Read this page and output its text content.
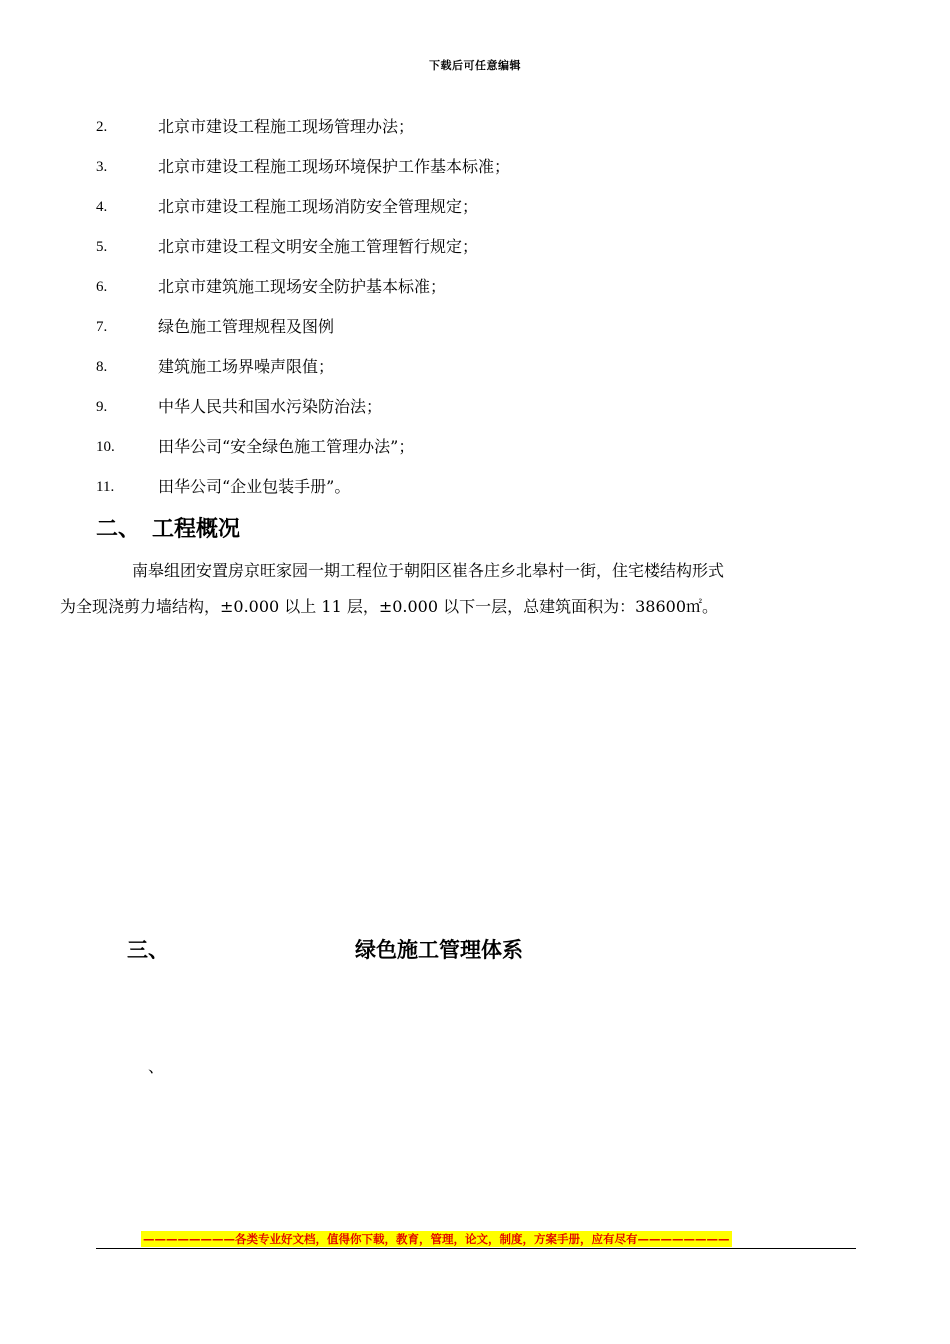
下载后可任意编辑
2.	北京市建设工程施工现场管理办法；
3.	北京市建设工程施工现场环境保护工作基本标准；
4.	北京市建设工程施工现场消防安全管理规定；
5.	北京市建设工程文明安全施工管理暂行规定；
6.	北京市建筑施工现场安全防护基本标准；
7.	绿色施工管理规程及图例
8.	建筑施工场界噪声限值；
9.	中华人民共和国水污染防治法；
10.	田华公司“安全绿色施工管理办法”；
11.	田华公司“企业包装手册”。
二、 工程概况

南皋组团安置房京旺家园一期工程位于朝阳区崔各庄乡北皋村一街，住宅楼结构形式
为全现浇剪力墙结构，±0.000 以上 11 层，±0.000 以下一层，总建筑面积为：38600㎡。

三、	绿色施工管理体系
、
————————各类专业好文档，值得你下载，教育，管理，论文，制度，方案手册，应有尽有————————
